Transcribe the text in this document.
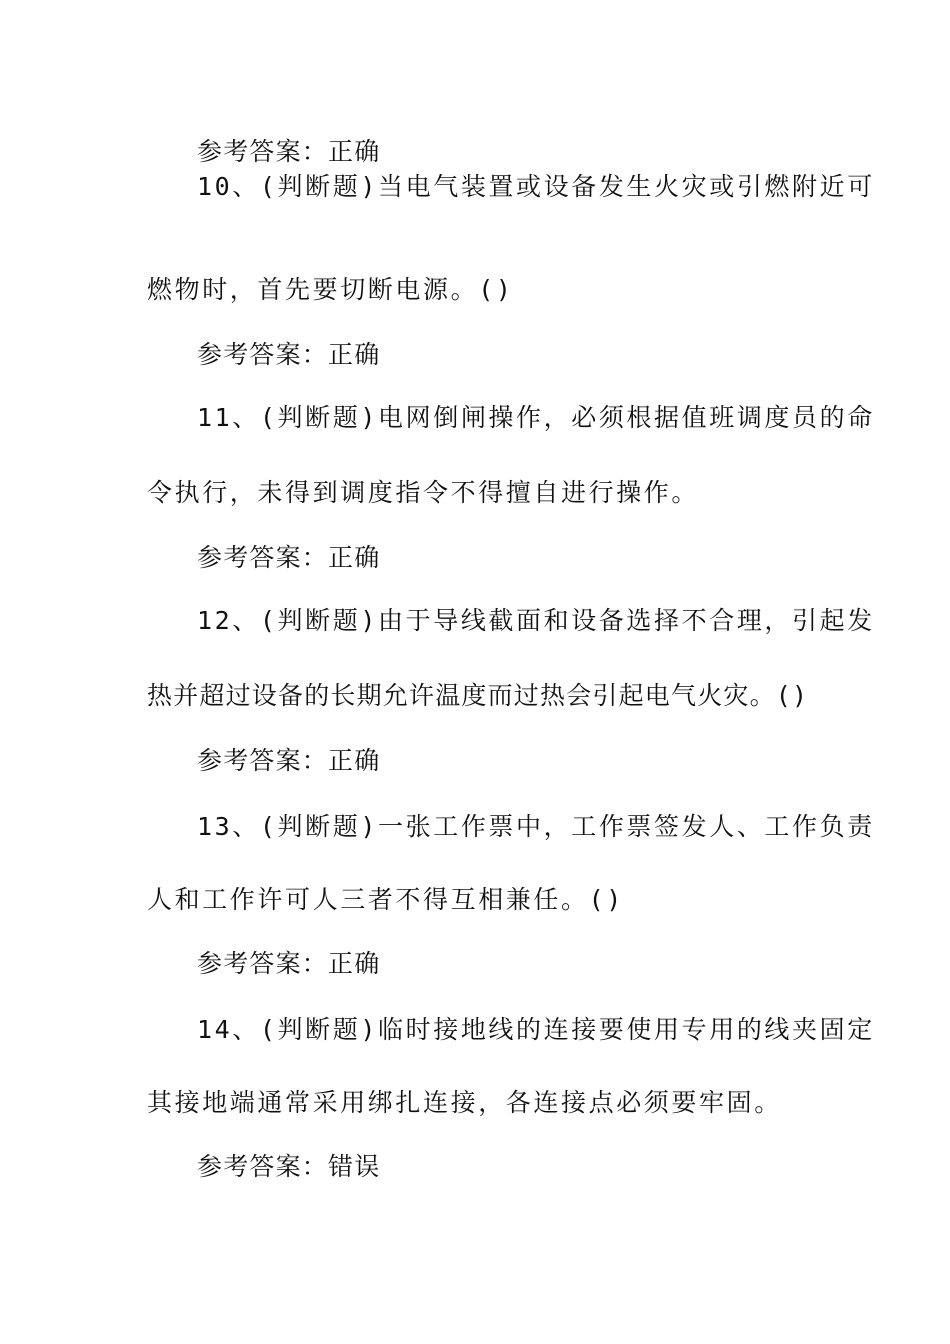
参考答案：正确
10、(判断题)当电气装置或设备发生火灾或引燃附近可
燃物时，首先要切断电源。()
参考答案：正确
11、(判断题)电网倒闸操作，必须根据值班调度员的命
令执行，未得到调度指令不得擅自进行操作。
参考答案：正确
12、(判断题)由于导线截面和设备选择不合理，引起发
热并超过设备的长期允许温度而过热会引起电气火灾。()
参考答案：正确
13、(判断题)一张工作票中，工作票签发人、工作负责
人和工作许可人三者不得互相兼任。()
参考答案：正确
14、(判断题)临时接地线的连接要使用专用的线夹固定
其接地端通常采用绑扎连接，各连接点必须要牢固。
参考答案：错误
